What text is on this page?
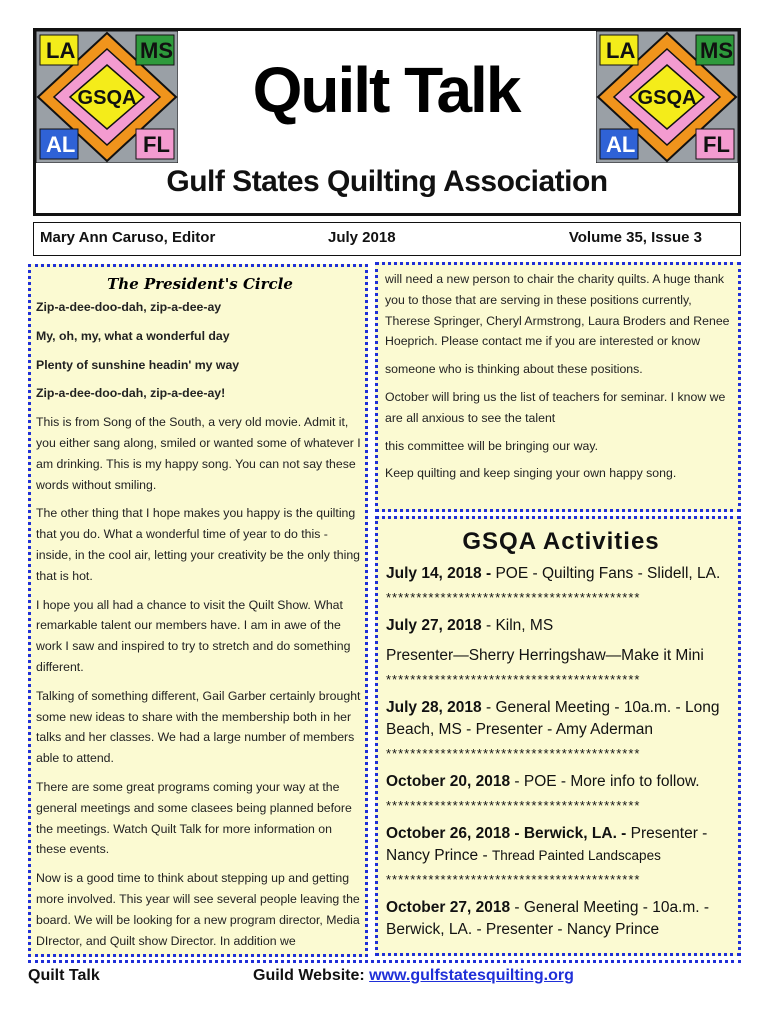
LA	MS
AL	FL
GSQA	Quilt Talk
LA	MS
AL	FL
GSQA
Gulf States Quilting Association
Mary Ann Caruso, Editor	July 2018	Volume 35, Issue 3
The President's Circle

Zip-a-dee-doo-dah, zip-a-dee-ay

My, oh, my, what a wonderful day

Plenty of sunshine headin' my way

Zip-a-dee-doo-dah, zip-a-dee-ay!

This is from Song of the South, a very old movie. Admit it, you either sang along, smiled or wanted some of whatever I am drinking. This is my happy song. You can not say these words without smiling.

The other thing that I hope makes you happy is the quilting that you do. What a wonderful time of year to do this - inside, in the cool air, letting your creativity be the only thing that is hot.

I hope you all had a chance to visit the Quilt Show. What remarkable talent our members have. I am in awe of the work I saw and inspired to try to stretch and do something different.

Talking of something different, Gail Garber certainly brought some new ideas to share with the membership both in her talks and her classes. We had a large number of members able to attend.

There are some great programs coming your way at the general meetings and some clasees being planned before the meetings. Watch Quilt Talk for more information on these events.

Now is a good time to think about stepping up and getting more involved. This year will see several people leaving the board. We will be looking for a new program director, Media DIrector, and Quilt show Director. In addition we

will need a new person to chair the charity quilts. A huge thank you to those that are serving in these positions currently, Therese Springer, Cheryl Armstrong, Laura Broders and Renee Hoeprich. Please contact me if you are interested or know

someone who is thinking about these positions.

October will bring us the list of teachers for seminar. I know we are all anxious to see the talent

this committee will be bringing our way.

Keep quilting and keep singing your own happy song.

GSQA Activities
July 14, 2018 - POE - Quilting Fans - Slidell, LA.
******************************************
July 27, 2018 - Kiln, MS
Presenter—Sherry Herringshaw—Make it Mini
******************************************
July 28, 2018 - General Meeting - 10a.m. - Long Beach, MS - Presenter - Amy Aderman
******************************************
October 20, 2018 - POE - More info to follow.
******************************************
October 26, 2018 - Berwick, LA. - Presenter - Nancy Prince - Thread Painted Landscapes
******************************************
October 27, 2018 - General Meeting - 10a.m. - Berwick, LA. - Presenter - Nancy Prince
Quilt Talk	Guild Website: www.gulfstatesquilting.org
